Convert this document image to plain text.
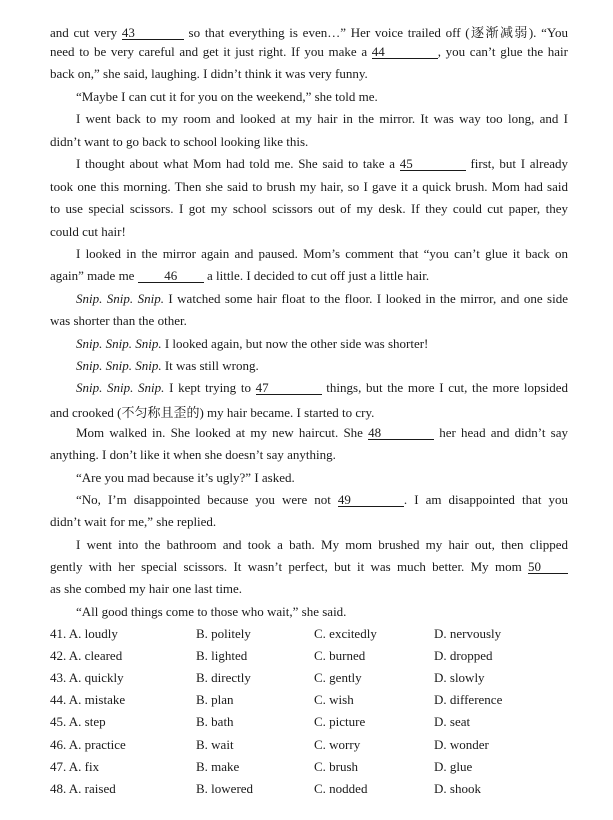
and cut very 43	so that everything is even…” Her voice trailed off (逐渐减弱). “You
need to be very careful and get it just right. If you make a 44	, you can’t glue the hair
back on,” she said, laughing. I didn’t think it was very funny.
“Maybe I can cut it for you on the weekend,” she told me.
I went back to my room and looked at my hair in the mirror. It was way too long, and I
didn’t want to go back to school looking like this.
I thought about what Mom had told me. She said to take a 45	first, but I already
took one this morning. Then she said to brush my hair, so I gave it a quick brush. Mom had said
to use special scissors. I got my school scissors out of my desk. If they could cut paper, they
could cut hair!
I looked in the mirror again and paused. Mom’s comment that “you can’t glue it back on
again” made me 46 a little. I decided to cut off just a little hair.
Snip. Snip. Snip. I watched some hair float to the floor. I looked in the mirror, and one side
was shorter than the other.
Snip. Snip. Snip. I looked again, but now the other side was shorter!
Snip. Snip. Snip. It was still wrong.
Snip. Snip. Snip. I kept trying to 47	things, but the more I cut, the more lopsided
and crooked (不匀称且歪的) my hair became. I started to cry.
Mom walked in. She looked at my new haircut. She 48	her head and didn’t say
anything. I don’t like it when she doesn’t say anything.
“Are you mad because it’s ugly?” I asked.
“No, I’m disappointed because you were not 49	. I am disappointed that you
didn’t wait for me,” she replied.
I went into the bathroom and took a bath. My mom brushed my hair out, then clipped
gently with her special scissors. It wasn’t perfect, but it was much better. My mom 50
as she combed my hair one last time.
“All good things come to those who wait,” she said.
41. A. loudly	B. politely	C. excitedly	D. nervously
42. A. cleared	B. lighted	C. burned	D. dropped
43. A. quickly	B. directly	C. gently	D. slowly
44. A. mistake	B. plan	C. wish	D. difference
45. A. step	B. bath	C. picture	D. seat
46. A. practice	B. wait	C. worry	D. wonder
47. A. fix	B. make	C. brush	D. glue
48. A. raised	B. lowered	C. nodded	D. shook
